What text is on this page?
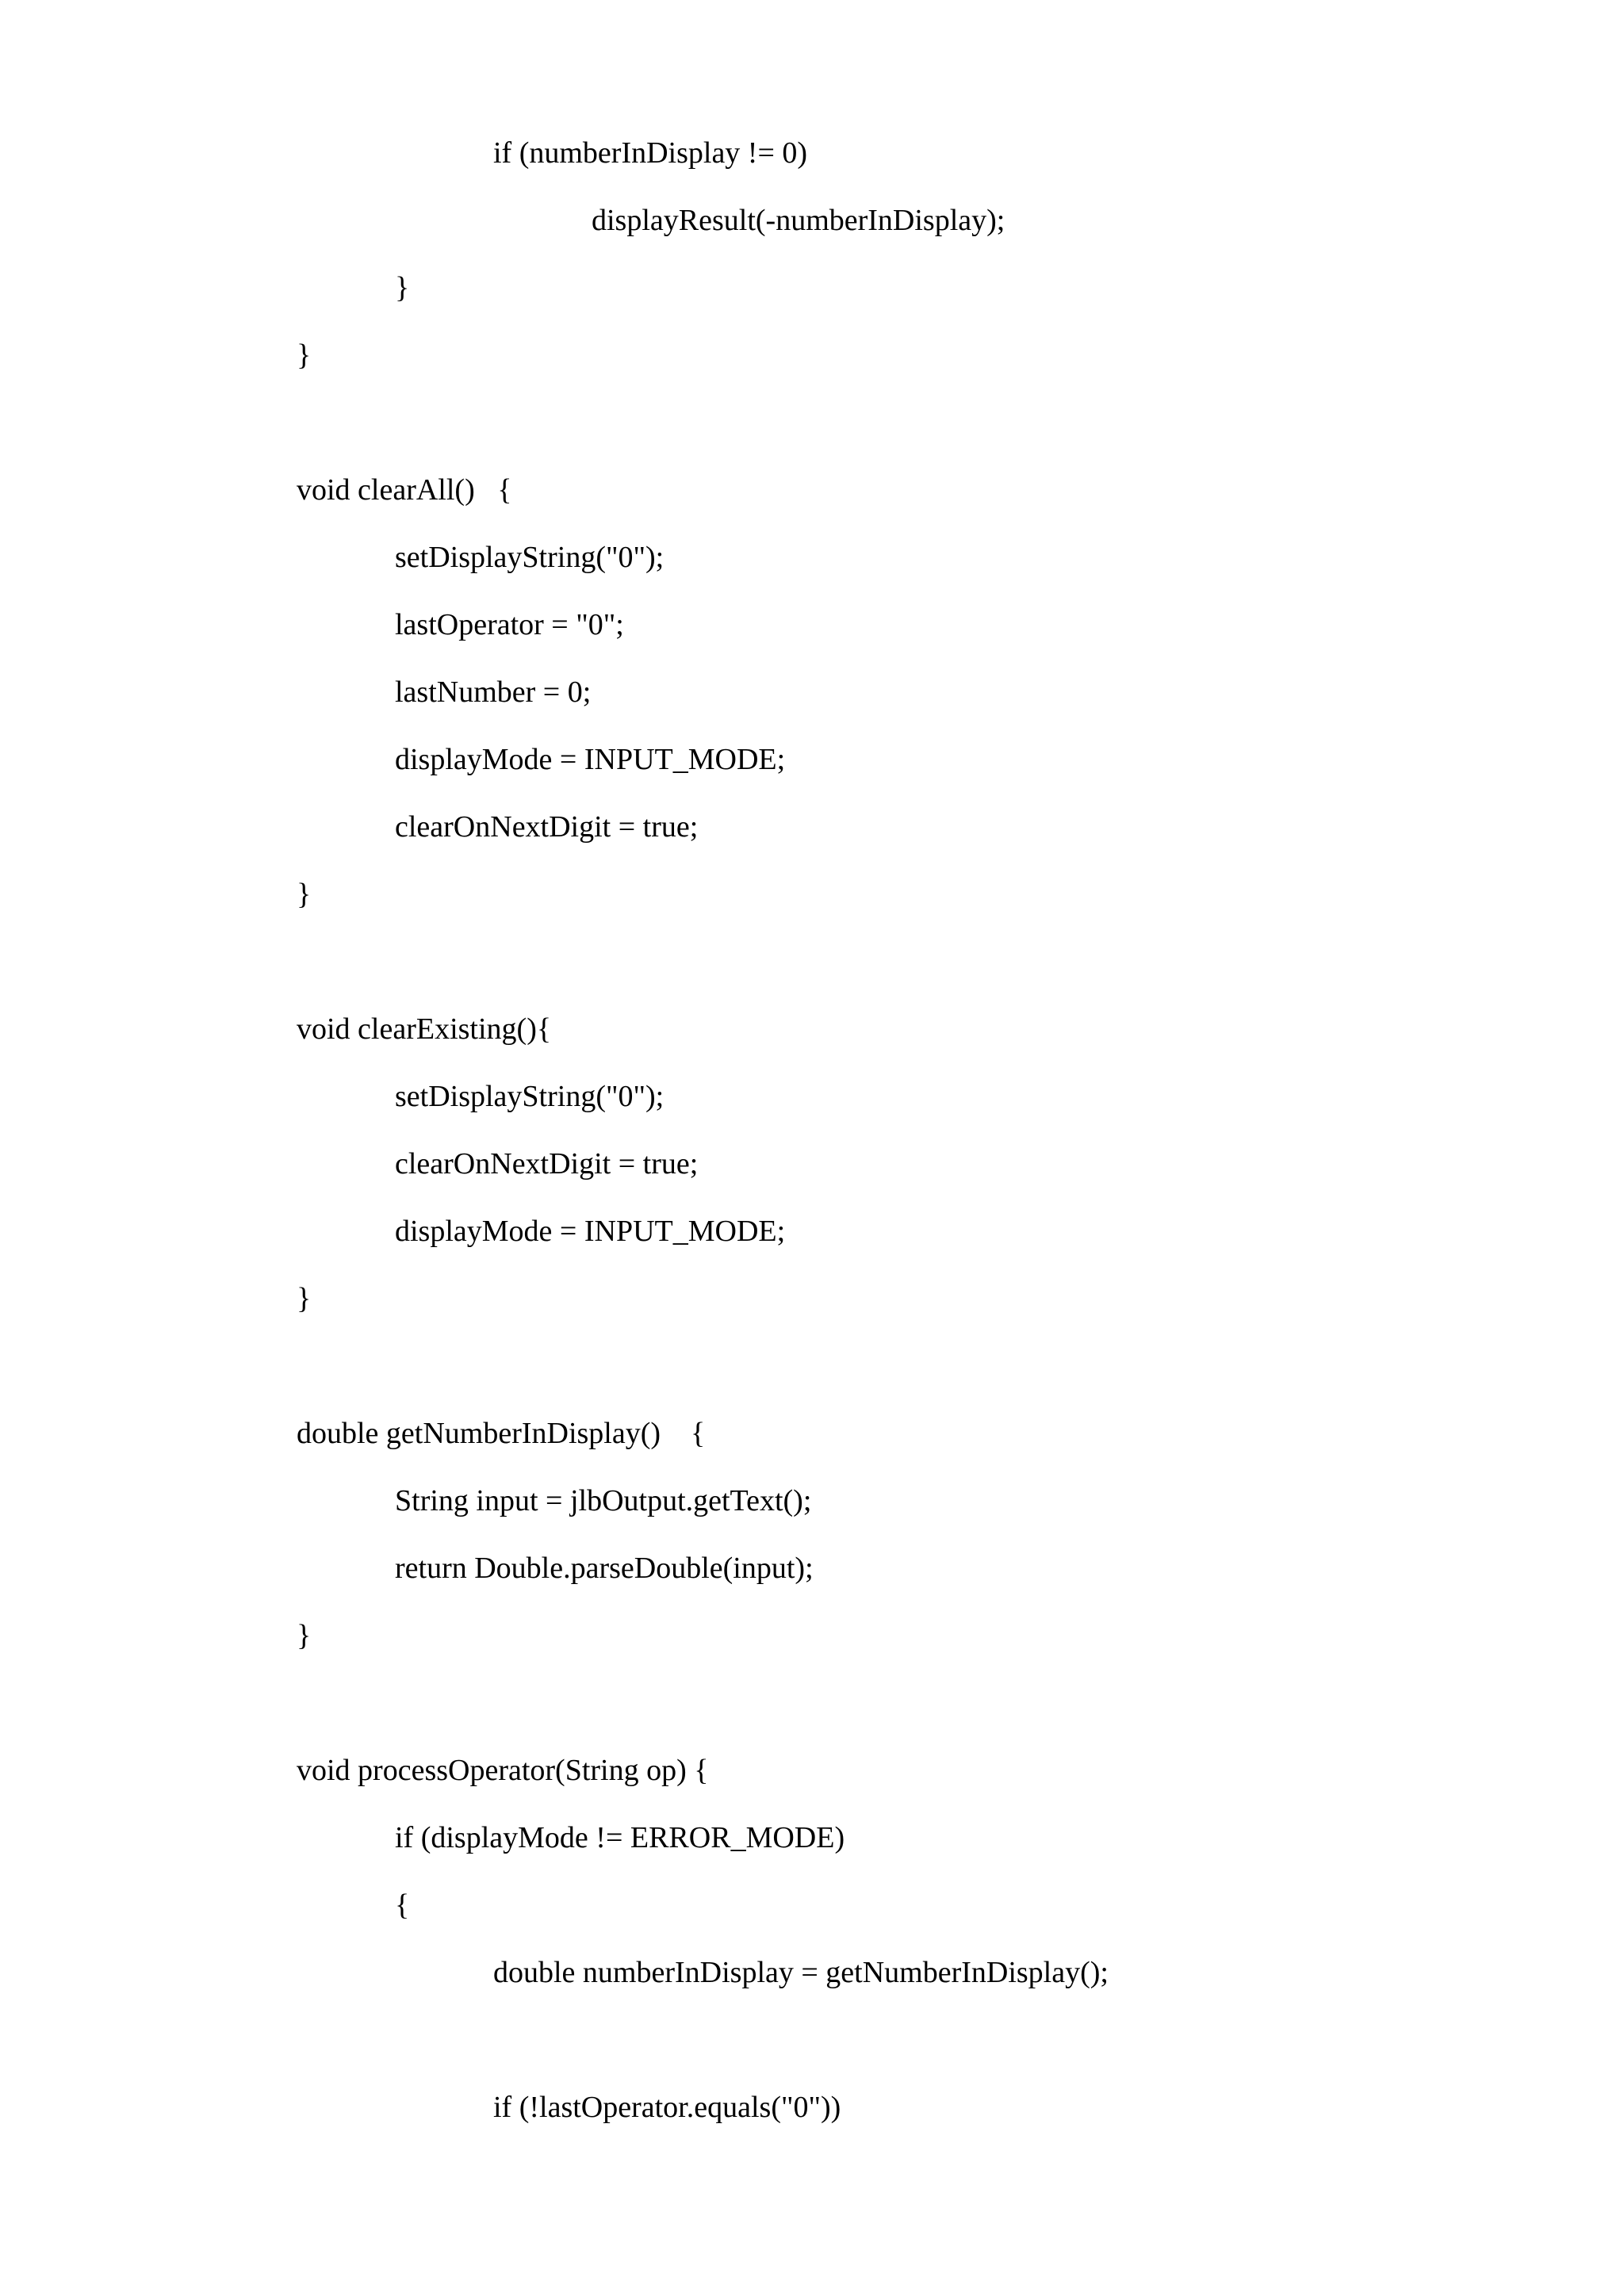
if (numberInDisplay != 0)
displayResult(-numberInDisplay);
}
}
void clearAll()   {
setDisplayString("0");
lastOperator = "0";
lastNumber = 0;
displayMode = INPUT_MODE;
clearOnNextDigit = true;
}
void clearExisting(){
setDisplayString("0");
clearOnNextDigit = true;
displayMode = INPUT_MODE;
}
double getNumberInDisplay()    {
String input = jlbOutput.getText();
return Double.parseDouble(input);
}
void processOperator(String op) {
if (displayMode != ERROR_MODE)
{
double numberInDisplay = getNumberInDisplay();
if (!lastOperator.equals("0"))
